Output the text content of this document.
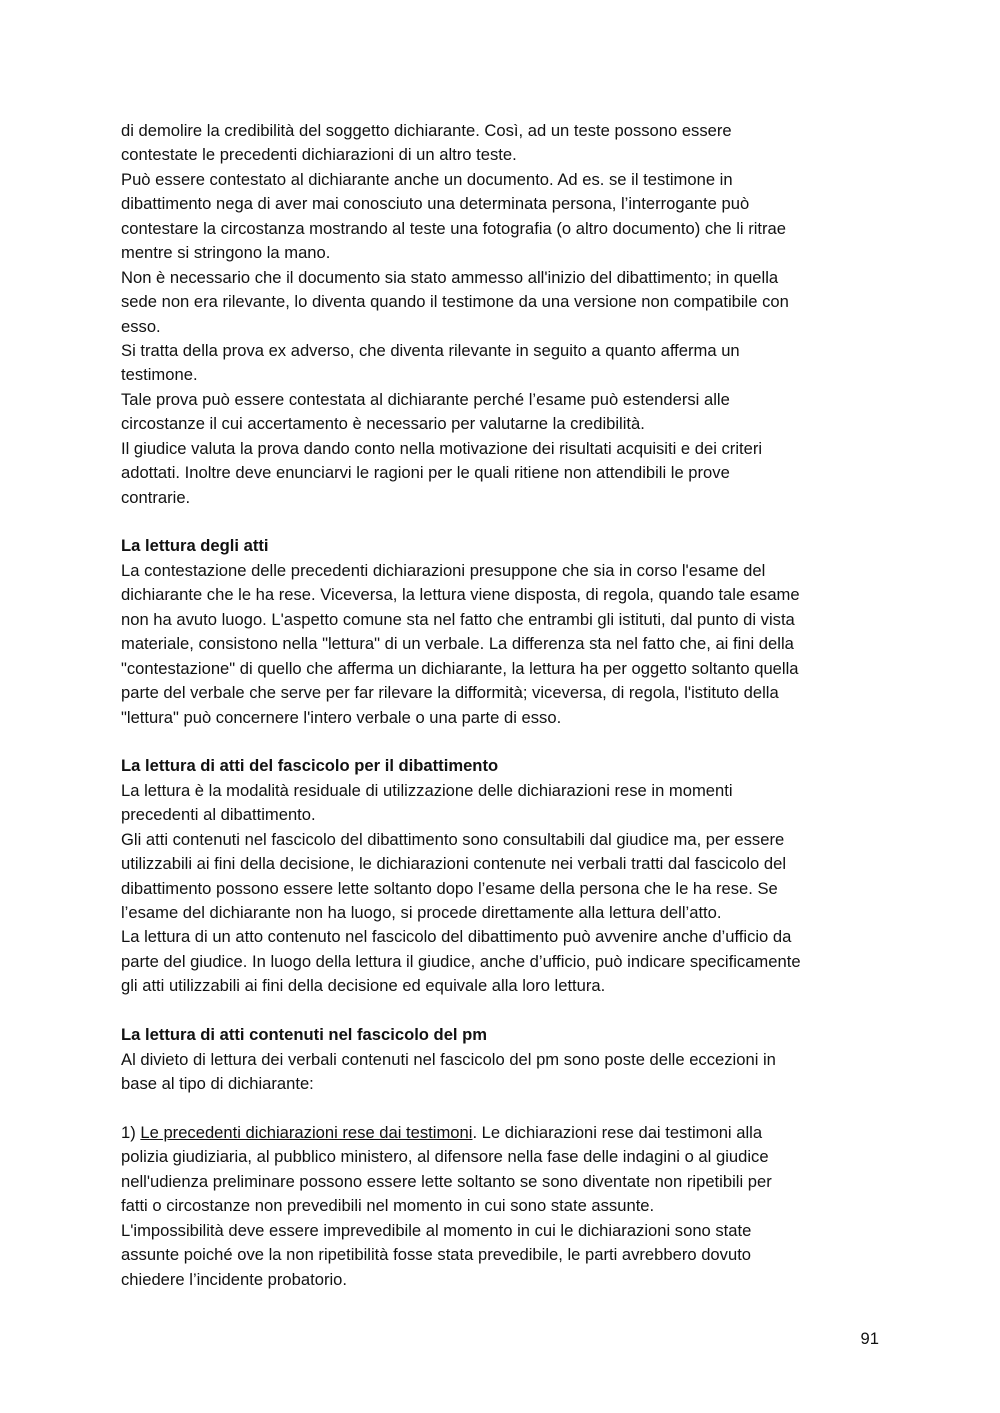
di demolire la credibilità del soggetto dichiarante. Così, ad un teste possono essere
contestate le precedenti dichiarazioni di un altro teste.
Può essere contestato al dichiarante anche un documento. Ad es. se il testimone in
dibattimento nega di aver mai conosciuto una determinata persona, l’interrogante può
contestare la circostanza mostrando al teste una fotografia (o altro documento) che li ritrae
mentre si stringono la mano.
Non è necessario che il documento sia stato ammesso all'inizio del dibattimento; in quella
sede non era rilevante, lo diventa quando il testimone da una versione non compatibile con
esso.
Si tratta della prova ex adverso, che diventa rilevante in seguito a quanto afferma un
testimone.
Tale prova può essere contestata al dichiarante perché l’esame può estendersi alle
circostanze il cui accertamento è necessario per valutarne la credibilità.
Il giudice valuta la prova dando conto nella motivazione dei risultati acquisiti e dei criteri
adottati. Inoltre deve enunciarvi le ragioni per le quali ritiene non attendibili le prove
contrarie.
La lettura degli atti
La contestazione delle precedenti dichiarazioni presuppone che sia in corso l'esame del
dichiarante che le ha rese. Viceversa, la lettura viene disposta, di regola, quando tale esame
non ha avuto luogo. L'aspetto comune sta nel fatto che entrambi gli istituti, dal punto di vista
materiale, consistono nella "lettura" di un verbale. La differenza sta nel fatto che, ai fini della
"contestazione" di quello che afferma un dichiarante, la lettura ha per oggetto soltanto quella
parte del verbale che serve per far rilevare la difformità; viceversa, di regola, l'istituto della
"lettura" può concernere l'intero verbale o una parte di esso.
La lettura di atti del fascicolo per il dibattimento
La lettura è la modalità residuale di utilizzazione delle dichiarazioni rese in momenti
precedenti al dibattimento.
Gli atti contenuti nel fascicolo del dibattimento sono consultabili dal giudice ma, per essere
utilizzabili ai fini della decisione, le dichiarazioni contenute nei verbali tratti dal fascicolo del
dibattimento possono essere lette soltanto dopo l’esame della persona che le ha rese. Se
l’esame del dichiarante non ha luogo, si procede direttamente alla lettura dell’atto.
La lettura di un atto contenuto nel fascicolo del dibattimento può avvenire anche d’ufficio da
parte del giudice. In luogo della lettura il giudice, anche d’ufficio, può indicare specificamente
gli atti utilizzabili ai fini della decisione ed equivale alla loro lettura.
La lettura di atti contenuti nel fascicolo del pm
Al divieto di lettura dei verbali contenuti nel fascicolo del pm sono poste delle eccezioni in
base al tipo di dichiarante:
1) Le precedenti dichiarazioni rese dai testimoni. Le dichiarazioni rese dai testimoni alla
polizia giudiziaria, al pubblico ministero, al difensore nella fase delle indagini o al giudice
nell'udienza preliminare possono essere lette soltanto se sono diventate non ripetibili per
fatti o circostanze non prevedibili nel momento in cui sono state assunte.
L'impossibilità deve essere imprevedibile al momento in cui le dichiarazioni sono state
assunte poiché ove la non ripetibilità fosse stata prevedibile, le parti avrebbero dovuto
chiedere l’incidente probatorio.
91
